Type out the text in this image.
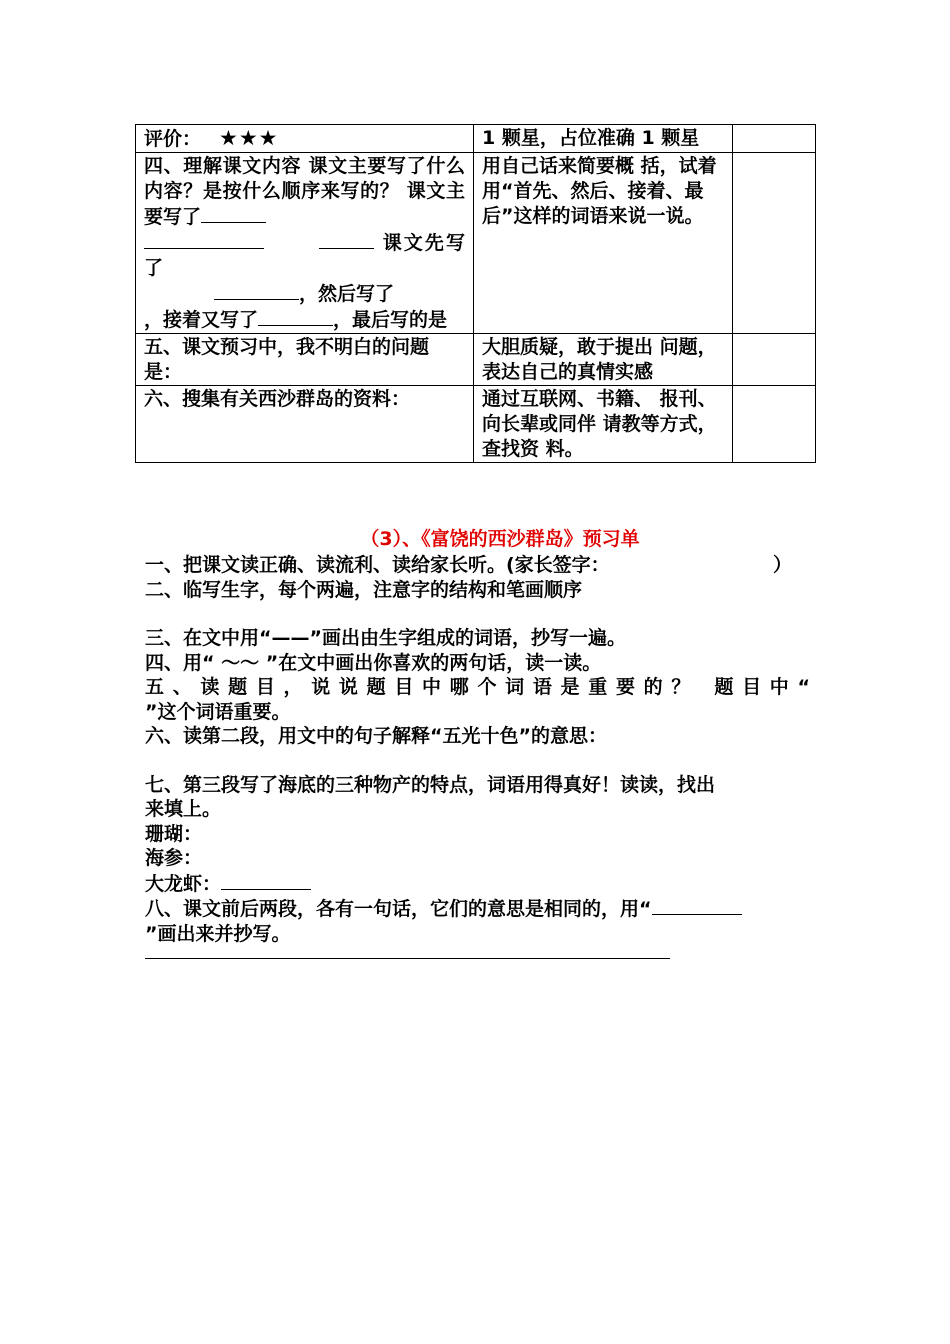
评价： ★★★	1 颗星，占位准确 1 颗星	
四、理解课文内容 课文主要写了什么内容？是按什么顺序来写的？ 课文主要写了
课文先写了
，然后写了
，接着又写了 ，最后写的是	用自己话来简要概 括，试着用“首先、然后、接着、最后”这样的词语来说一说。	
五、课文预习中，我不明白的问题是：	大胆质疑，敢于提出 问题，表达自己的真情实感	
六、搜集有关西沙群岛的资料：	通过互联网、书籍、 报刊、向长辈或同伴 请教等方式，查找资 料。	
（3）、《富饶的西沙群岛》预习单
一、把课文读正确、读流利、读给家长听。(家长签字：	）
二、临写生字，每个两遍，注意字的结构和笔画顺序
三、在文中用“——”画出由生字组成的词语，抄写一遍。
四、用“ ～～ ”在文中画出你喜欢的两句话，读一读。
五、读题目，说说题目中哪个词语是重要的？ 题目中“
”这个词语重要。
六、读第二段，用文中的句子解释“五光十色”的意思：
七、第三段写了海底的三种物产的特点，词语用得真好！读读，找出
来填上。
珊瑚：
海参：
大龙虾：
八、课文前后两段，各有一句话，它们的意思是相同的，用“
”画出来并抄写。
